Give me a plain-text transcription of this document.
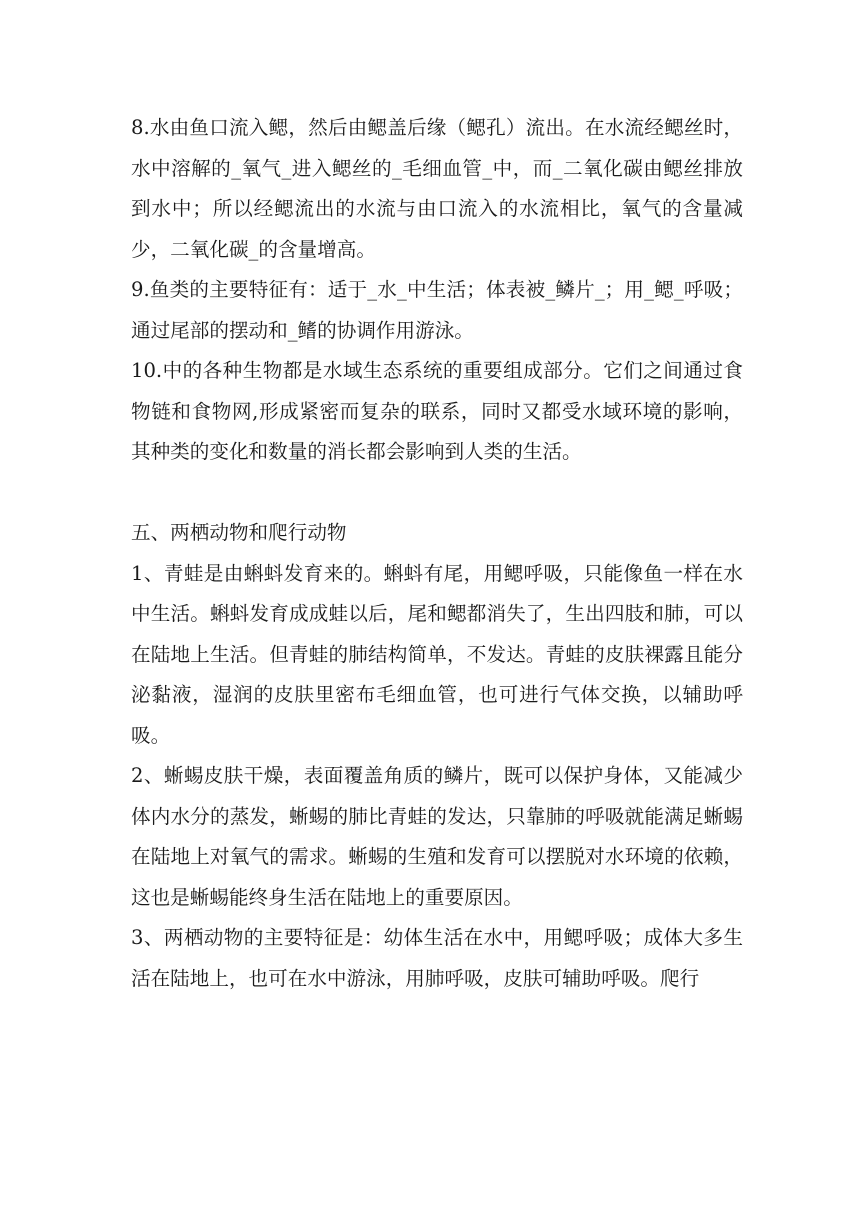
8.水由鱼口流入鳃，然后由鳃盖后缘（鳃孔）流出。在水流经鳃丝时，水中溶解的_氧气_进入鳃丝的_毛细血管_中，而_二氧化碳由鳃丝排放到水中；所以经鳃流出的水流与由口流入的水流相比，氧气的含量减少，二氧化碳_的含量增高。

9.鱼类的主要特征有：适于_水_中生活；体表被_鳞片_；用_鳃_呼吸；通过尾部的摆动和_鳍的协调作用游泳。

10.中的各种生物都是水域生态系统的重要组成部分。它们之间通过食物链和食物网,形成紧密而复杂的联系，同时又都受水域环境的影响，其种类的变化和数量的消长都会影响到人类的生活。

五、两栖动物和爬行动物

1、青蛙是由蝌蚪发育来的。蝌蚪有尾，用鳃呼吸，只能像鱼一样在水中生活。蝌蚪发育成成蛙以后，尾和鳃都消失了，生出四肢和肺，可以在陆地上生活。但青蛙的肺结构简单，不发达。青蛙的皮肤裸露且能分泌黏液，湿润的皮肤里密布毛细血管，也可进行气体交换，以辅助呼吸。

2、蜥蜴皮肤干燥，表面覆盖角质的鳞片，既可以保护身体，又能减少体内水分的蒸发，蜥蜴的肺比青蛙的发达，只靠肺的呼吸就能满足蜥蜴在陆地上对氧气的需求。蜥蜴的生殖和发育可以摆脱对水环境的依赖，这也是蜥蜴能终身生活在陆地上的重要原因。

3、两栖动物的主要特征是：幼体生活在水中，用鳃呼吸；成体大多生活在陆地上，也可在水中游泳，用肺呼吸，皮肤可辅助呼吸。爬行
